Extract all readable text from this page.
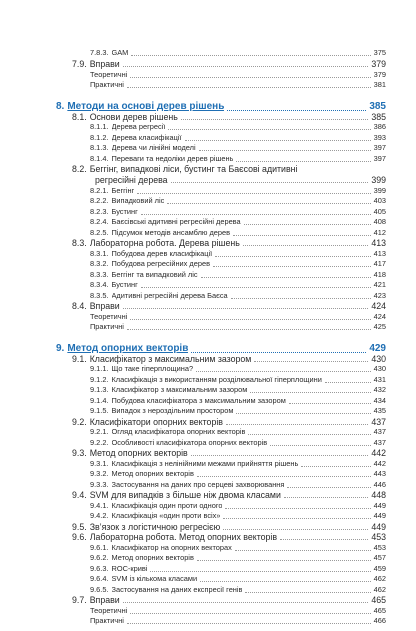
7.8.3. GAM	375
7.9. Вправи	379
Теоретичні	379
Практичні	381
8. Методи на основі дерев рішень	385
8.1. Основи дерев рішень	385
8.1.1. Дерева регресії	386
8.1.2. Дерева класифікації	393
8.1.3. Дерева чи лінійні моделі	397
8.1.4. Переваги та недоліки дерев рішень	397
8.2. Беггінг, випадкові ліси, бустинг та Баєсові адитивні
регресійні дерева	399
8.2.1. Беггінг	399
8.2.2. Випадковий ліс	403
8.2.3. Бустинг	405
8.2.4. Баєсівські адитивні регресійні дерева	408
8.2.5. Підсумок методів ансамблю дерев	412
8.3. Лабораторна робота. Дерева рішень	413
8.3.1. Побудова дерев класифікації	413
8.3.2. Побудова регресійних дерев	417
8.3.3. Беггінг та випадковий ліс	418
8.3.4. Бустинг	421
8.3.5. Адитивні регресійні дерева Баєса	423
8.4. Вправи	424
Теоретичні	424
Практичні	425
9. Метод опорних векторів	429
9.1. Класифікатор з максимальним зазором	430
9.1.1. Що таке гіперплощина?	430
9.1.2. Класифікація з використанням розділювальної гіперплощини	431
9.1.3. Класифікатор з максимальним зазором	432
9.1.4. Побудова класифікатора з максимальним зазором	434
9.1.5. Випадок з нероздільним простором	435
9.2. Класифікатори опорних векторів	437
9.2.1. Огляд класифікатора опорних векторів	437
9.2.2. Особливості класифікатора опорних векторів	437
9.3. Метод опорних векторів	442
9.3.1. Класифікація з нелінійними межами прийняття рішень	442
9.3.2. Метод опорних векторів	443
9.3.3. Застосування на даних про серцеві захворювання	446
9.4. SVM для випадків з більше ніж двома класами	448
9.4.1. Класифікація один проти одного	449
9.4.2. Класифікація «один проти всіх»	449
9.5. Зв’язок з логістичною регресією	449
9.6. Лабораторна робота. Метод опорних векторів	453
9.6.1. Класифікатор на опорних векторах	453
9.6.2. Метод опорних векторів	457
9.6.3. ROC-криві	459
9.6.4. SVM із кількома класами	462
9.6.5. Застосування на даних експресії генів	462
9.7. Вправи	465
Теоретичні	465
Практичні	466
